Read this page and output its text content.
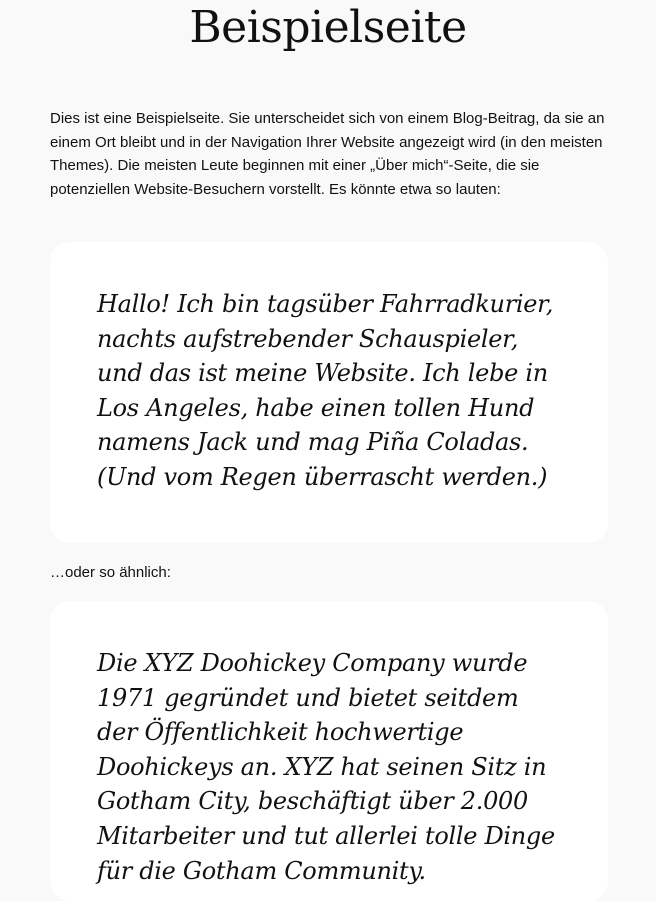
Beispielseite

Dies ist eine Beispielseite. Sie unterscheidet sich von einem Blog-Beitrag, da sie an einem Ort bleibt und in der Navigation Ihrer Website angezeigt wird (in den meisten Themes). Die meisten Leute beginnen mit einer „Über mich“-Seite, die sie potenziellen Website-Besuchern vorstellt. Es könnte etwa so lauten:

Hallo! Ich bin tagsüber Fahrradkurier, nachts aufstrebender Schauspieler, und das ist meine Website. Ich lebe in Los Angeles, habe einen tollen Hund namens Jack und mag Piña Coladas. (Und vom Regen überrascht werden.)

…oder so ähnlich:

Die XYZ Doohickey Company wurde 1971 gegründet und bietet seitdem der Öffentlichkeit hochwertige Doohickeys an. XYZ hat seinen Sitz in Gotham City, beschäftigt über 2.000 Mitarbeiter und tut allerlei tolle Dinge für die Gotham Community.
